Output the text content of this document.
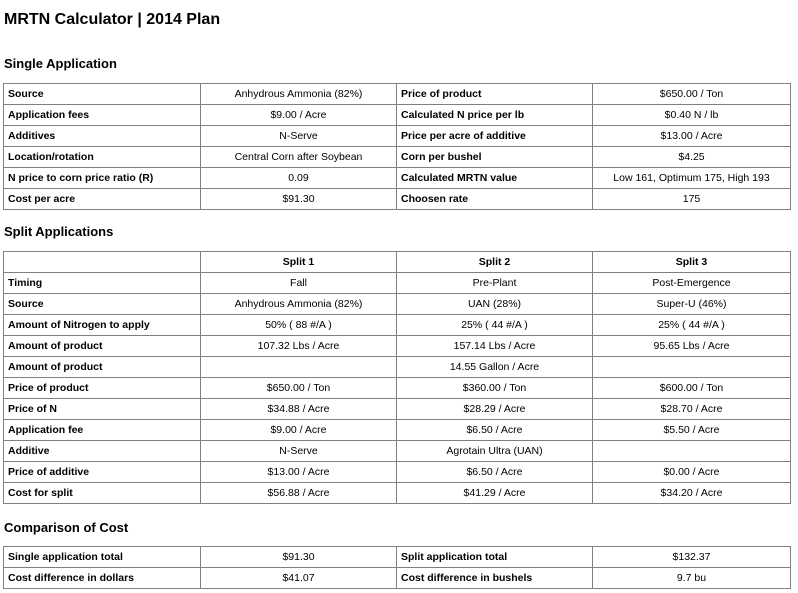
MRTN Calculator | 2014 Plan
Single Application
Source	Anhydrous Ammonia (82%)	Price of product	$650.00 / Ton
Application fees	$9.00 / Acre	Calculated N price per lb	$0.40 N / lb
Additives	N-Serve	Price per acre of additive	$13.00 / Acre
Location/rotation	Central Corn after Soybean	Corn per bushel	$4.25
N price to corn price ratio (R)	0.09	Calculated MRTN value	Low 161, Optimum 175, High 193
Cost per acre	$91.30	Choosen rate	175
Split Applications
	Split 1	Split 2	Split 3
Timing	Fall	Pre-Plant	Post-Emergence
Source	Anhydrous Ammonia (82%)	UAN (28%)	Super-U (46%)
Amount of Nitrogen to apply	50% ( 88 #/A )	25% ( 44 #/A )	25% ( 44 #/A )
Amount of product	107.32 Lbs / Acre	157.14 Lbs / Acre	95.65 Lbs / Acre
Amount of product		14.55 Gallon / Acre	
Price of product	$650.00 / Ton	$360.00 / Ton	$600.00 / Ton
Price of N	$34.88 / Acre	$28.29 / Acre	$28.70 / Acre
Application fee	$9.00 / Acre	$6.50 / Acre	$5.50 / Acre
Additive	N-Serve	Agrotain Ultra (UAN)	
Price of additive	$13.00 / Acre	$6.50 / Acre	$0.00 / Acre
Cost for split	$56.88 / Acre	$41.29 / Acre	$34.20 / Acre
Comparison of Cost
Single application total	$91.30	Split application total	$132.37
Cost difference in dollars	$41.07	Cost difference in bushels	9.7 bu
